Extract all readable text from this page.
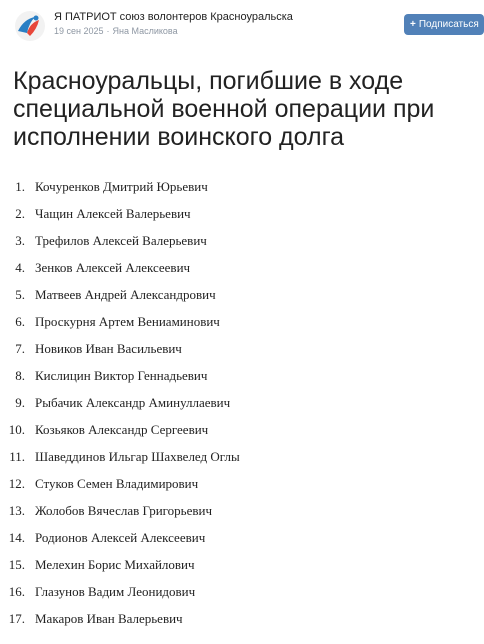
Я ПАТРИОТ союз волонтеров Красноуральска
19 сен 2025 · Яна Масликова
+ Подписаться
Красноуральцы, погибшие в ходе
специальной военной операции при
исполнении воинского долга
1. Кочуренков Дмитрий Юрьевич
2. Чащин Алексей Валерьевич
3. Трефилов Алексей Валерьевич
4. Зенков Алексей Алексеевич
5. Матвеев Андрей Александрович
6. Проскурня Артем Вениаминович
7. Новиков Иван Васильевич
8. Кислицин Виктор Геннадьевич
9. Рыбачик Александр Аминуллаевич
10. Козьяков Александр Сергеевич
11. Шаведдинов Ильгар Шахвелед Оглы
12. Стуков Семен Владимирович
13. Жолобов Вячеслав Григорьевич
14. Родионов Алексей Алексеевич
15. Мелехин Борис Михайлович
16. Глазунов Вадим Леонидович
17. Макаров Иван Валерьевич
